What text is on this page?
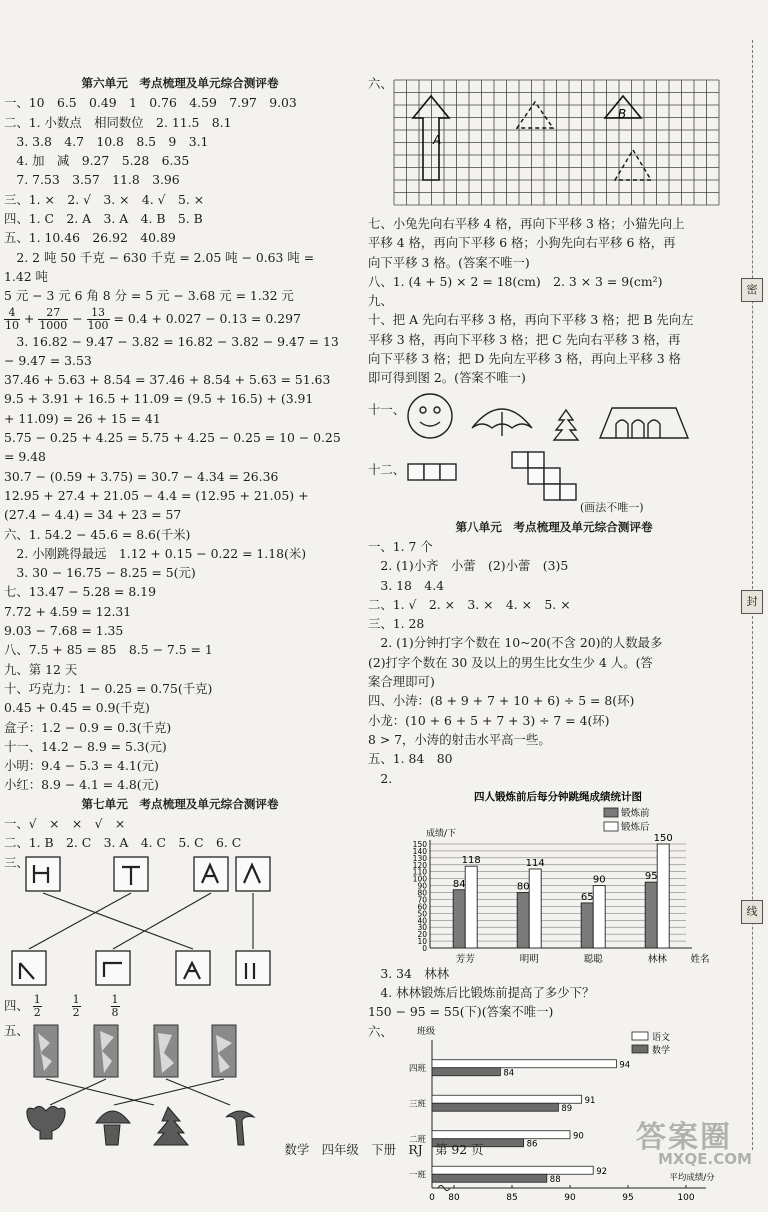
密
封
线
第六单元　考点梳理及单元综合测评卷
一、10　6.5　0.49　1　0.76　4.59　7.97　9.03
二、1. 小数点　相同数位　2. 11.5　8.1
　3. 3.8　4.7　10.8　8.5　9　3.1
　4. 加　减　9.27　5.28　6.35
　7. 7.53　3.57　11.8　3.96
三、1. ×　2. √　3. ×　4. √　5. ×
四、1. C　2. A　3. A　4. B　5. B
五、1. 10.46　26.92　40.89
　2. 2 吨 50 千克 − 630 千克 = 2.05 吨 − 0.63 吨 =
1.42 吨
5 元 − 3 元 6 角 8 分 = 5 元 − 3.68 元 = 1.32 元
$\frac{4}{10} + \frac{27}{1000} - \frac{13}{100} = 0.4 + 0.027 - 0.13 = 0.297$
　3. 16.82 − 9.47 − 3.82 = 16.82 − 3.82 − 9.47 = 13
− 9.47 = 3.53
37.46 + 5.63 + 8.54 = 37.46 + 8.54 + 5.63 = 51.63
9.5 + 3.91 + 16.5 + 11.09 = (9.5 + 16.5) + (3.91
+ 11.09) = 26 + 15 = 41
5.75 − 0.25 + 4.25 = 5.75 + 4.25 − 0.25 = 10 − 0.25
= 9.48
30.7 − (0.59 + 3.75) = 30.7 − 4.34 = 26.36
12.95 + 27.4 + 21.05 − 4.4 = (12.95 + 21.05) +
(27.4 − 4.4) = 34 + 23 = 57
六、1. 54.2 − 45.6 = 8.6(千米)
　2. 小刚跳得最远　1.12 + 0.15 − 0.22 = 1.18(米)
　3. 30 − 16.75 − 8.25 = 5(元)
七、13.47 − 5.28 = 8.19
7.72 + 4.59 = 12.31
9.03 − 7.68 = 1.35
八、7.5 + 85 = 85　8.5 − 7.5 = 1
九、第 12 天
十、巧克力：1 − 0.25 = 0.75(千克)
0.45 + 0.45 = 0.9(千克)
盒子：1.2 − 0.9 = 0.3(千克)
十一、14.2 − 8.9 = 5.3(元)
小明：9.4 − 5.3 = 4.1(元)
小红：8.9 − 4.1 = 4.8(元)
第七单元　考点梳理及单元综合测评卷
一、√　×　×　√　×
二、1. B　2. C　3. A　4. C　5. C　6. C
三、
四、 $\frac{1}{2}$
	$\frac{1}{2}$
	$\frac{1}{8}$
五、
六、
A
B
七、小兔先向右平移 4 格，再向下平移 3 格；小猫先向上
平移 4 格，再向下平移 6 格；小狗先向右平移 6 格，再
向下平移 3 格。(答案不唯一)
八、1. (4 + 5) × 2 = 18(cm)　2. 3 × 3 = 9(cm²)
九、
十、把 A 先向右平移 3 格，再向下平移 3 格；把 B 先向左
平移 3 格，再向下平移 3 格；把 C 先向右平移 3 格，再
向下平移 3 格；把 D 先向左平移 3 格，再向上平移 3 格
即可得到图 2。(答案不唯一)
十一、
十二、
(画法不唯一)
第八单元　考点梳理及单元综合测评卷
一、1. 7 个
　2. (1)小齐　小蕾　(2)小蕾　(3)5
　3. 18　4.4
二、1. √　2. ×　3. ×　4. ×　5. ×
三、1. 28
　2. (1)分钟打字个数在 10~20(不含 20)的人数最多
(2)打字个数在 30 及以上的男生比女生少 4 人。(答
案合理即可)
四、小涛：(8 + 9 + 7 + 10 + 6) ÷ 5 = 8(环)
小龙：(10 + 6 + 5 + 7 + 3) ÷ 7 = 4(环)
8 > 7，小涛的射击水平高一些。
五、1. 84　80
　2.
四人锻炼前后每分钟跳绳成绩统计图
锻炼前
锻炼后
成绩/下
0
10
20
30
40
50
60
70
80
90
100
110
120
130
140
150
84
118
芳芳
80
114
明明
65
90
聪聪
95
150
林林	姓名
　3. 34　林林
　4. 林林锻炼后比锻炼前提高了多少下？
150 − 95 = 55(下)(答案不唯一)
六、	班级
语文
数学
0 80	85	90	95	100
平均成绩/分
四班	94
84
三班	91
89
二班	90
86
一班	92
88
数学　四年级　下册　RJ　第 92 页	答案圈
MXQE.COM
